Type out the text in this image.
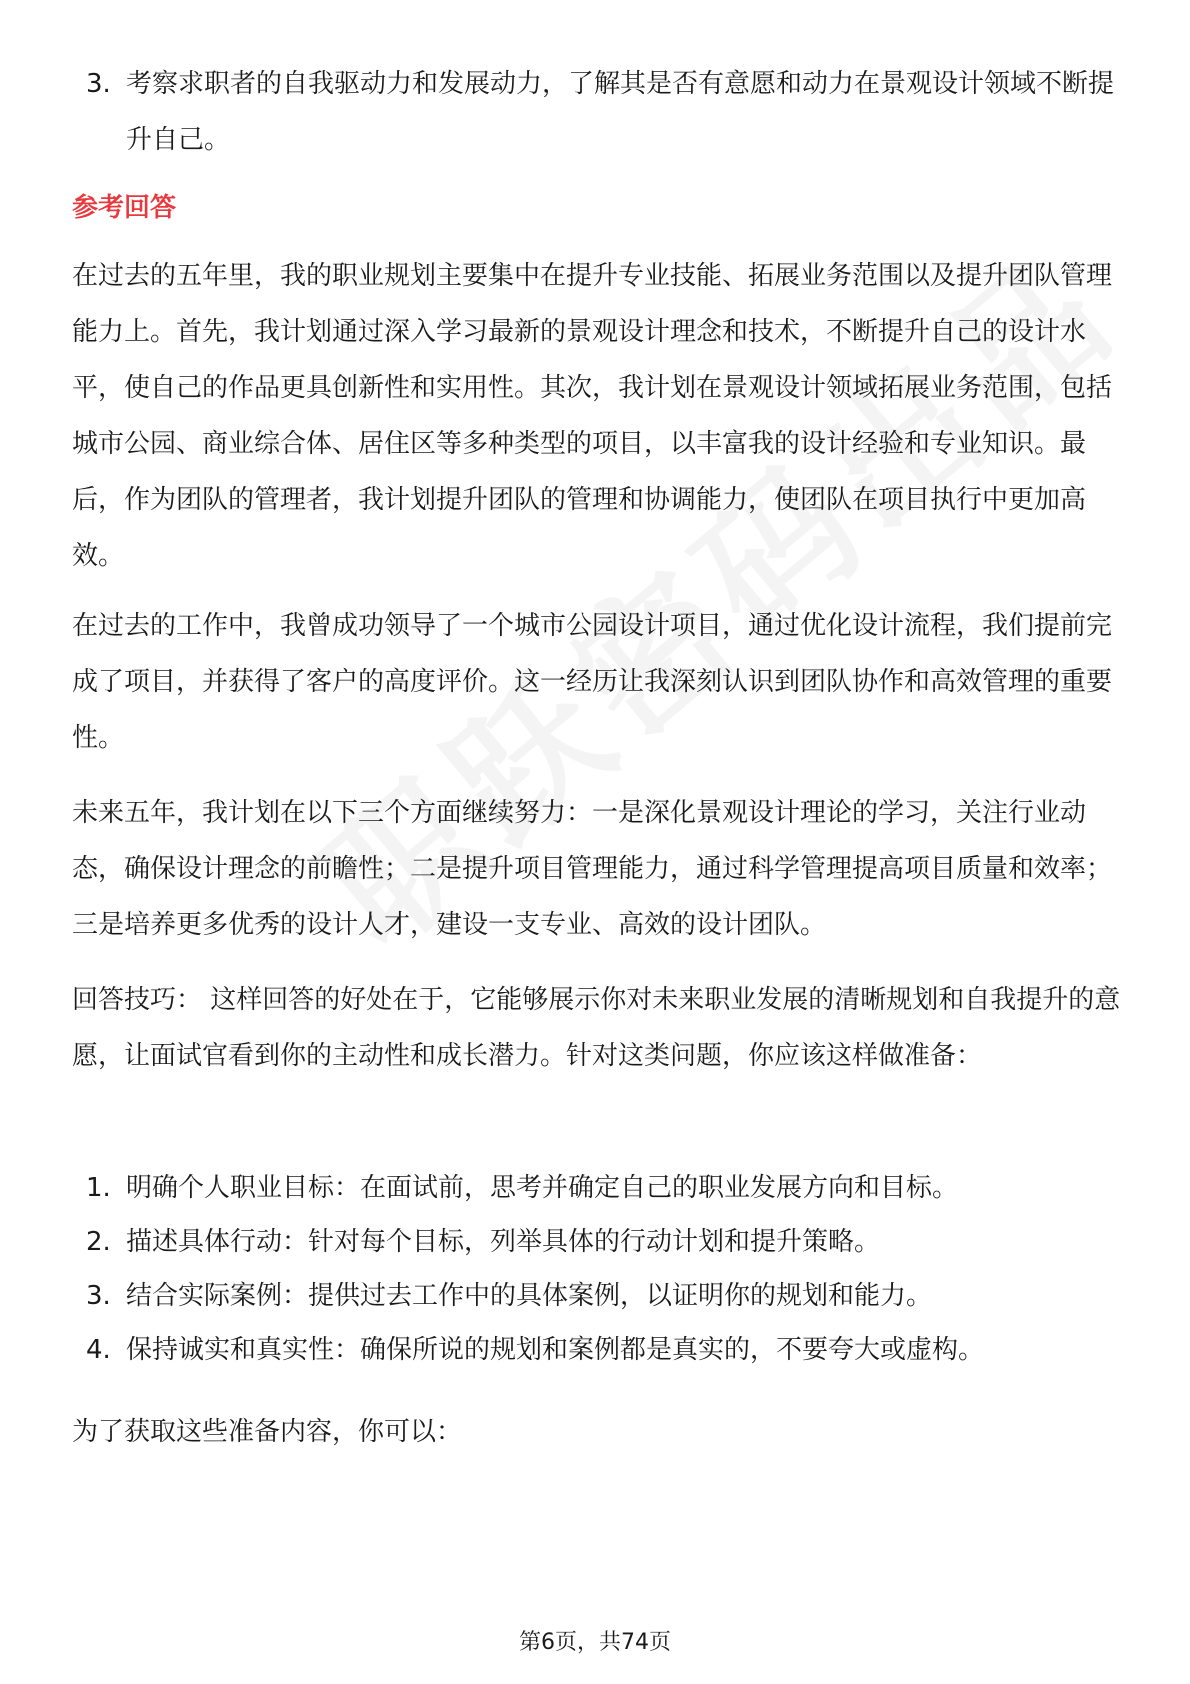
3. 考察求职者的自我驱动力和发展动力，了解其是否有意愿和动力在景观设计领域不断提升自己。
参考回答

在过去的五年里，我的职业规划主要集中在提升专业技能、拓展业务范围以及提升团队管理能力上。首先，我计划通过深入学习最新的景观设计理念和技术，不断提升自己的设计水平，使自己的作品更具创新性和实用性。其次，我计划在景观设计领域拓展业务范围，包括城市公园、商业综合体、居住区等多种类型的项目，以丰富我的设计经验和专业知识。最后，作为团队的管理者，我计划提升团队的管理和协调能力，使团队在项目执行中更加高效。

在过去的工作中，我曾成功领导了一个城市公园设计项目，通过优化设计流程，我们提前完成了项目，并获得了客户的高度评价。这一经历让我深刻认识到团队协作和高效管理的重要性。

未来五年，我计划在以下三个方面继续努力：一是深化景观设计理论的学习，关注行业动态，确保设计理念的前瞻性；二是提升项目管理能力，通过科学管理提高项目质量和效率；三是培养更多优秀的设计人才，建设一支专业、高效的设计团队。

回答技巧： 这样回答的好处在于，它能够展示你对未来职业发展的清晰规划和自我提升的意愿，让面试官看到你的主动性和成长潜力。针对这类问题，你应该这样做准备：

1. 明确个人职业目标：在面试前，思考并确定自己的职业发展方向和目标。
2. 描述具体行动：针对每个目标，列举具体的行动计划和提升策略。
3. 结合实际案例：提供过去工作中的具体案例，以证明你的规划和能力。
4. 保持诚实和真实性：确保所说的规划和案例都是真实的，不要夸大或虚构。

为了获取这些准备内容，你可以：

第6页，共74页
